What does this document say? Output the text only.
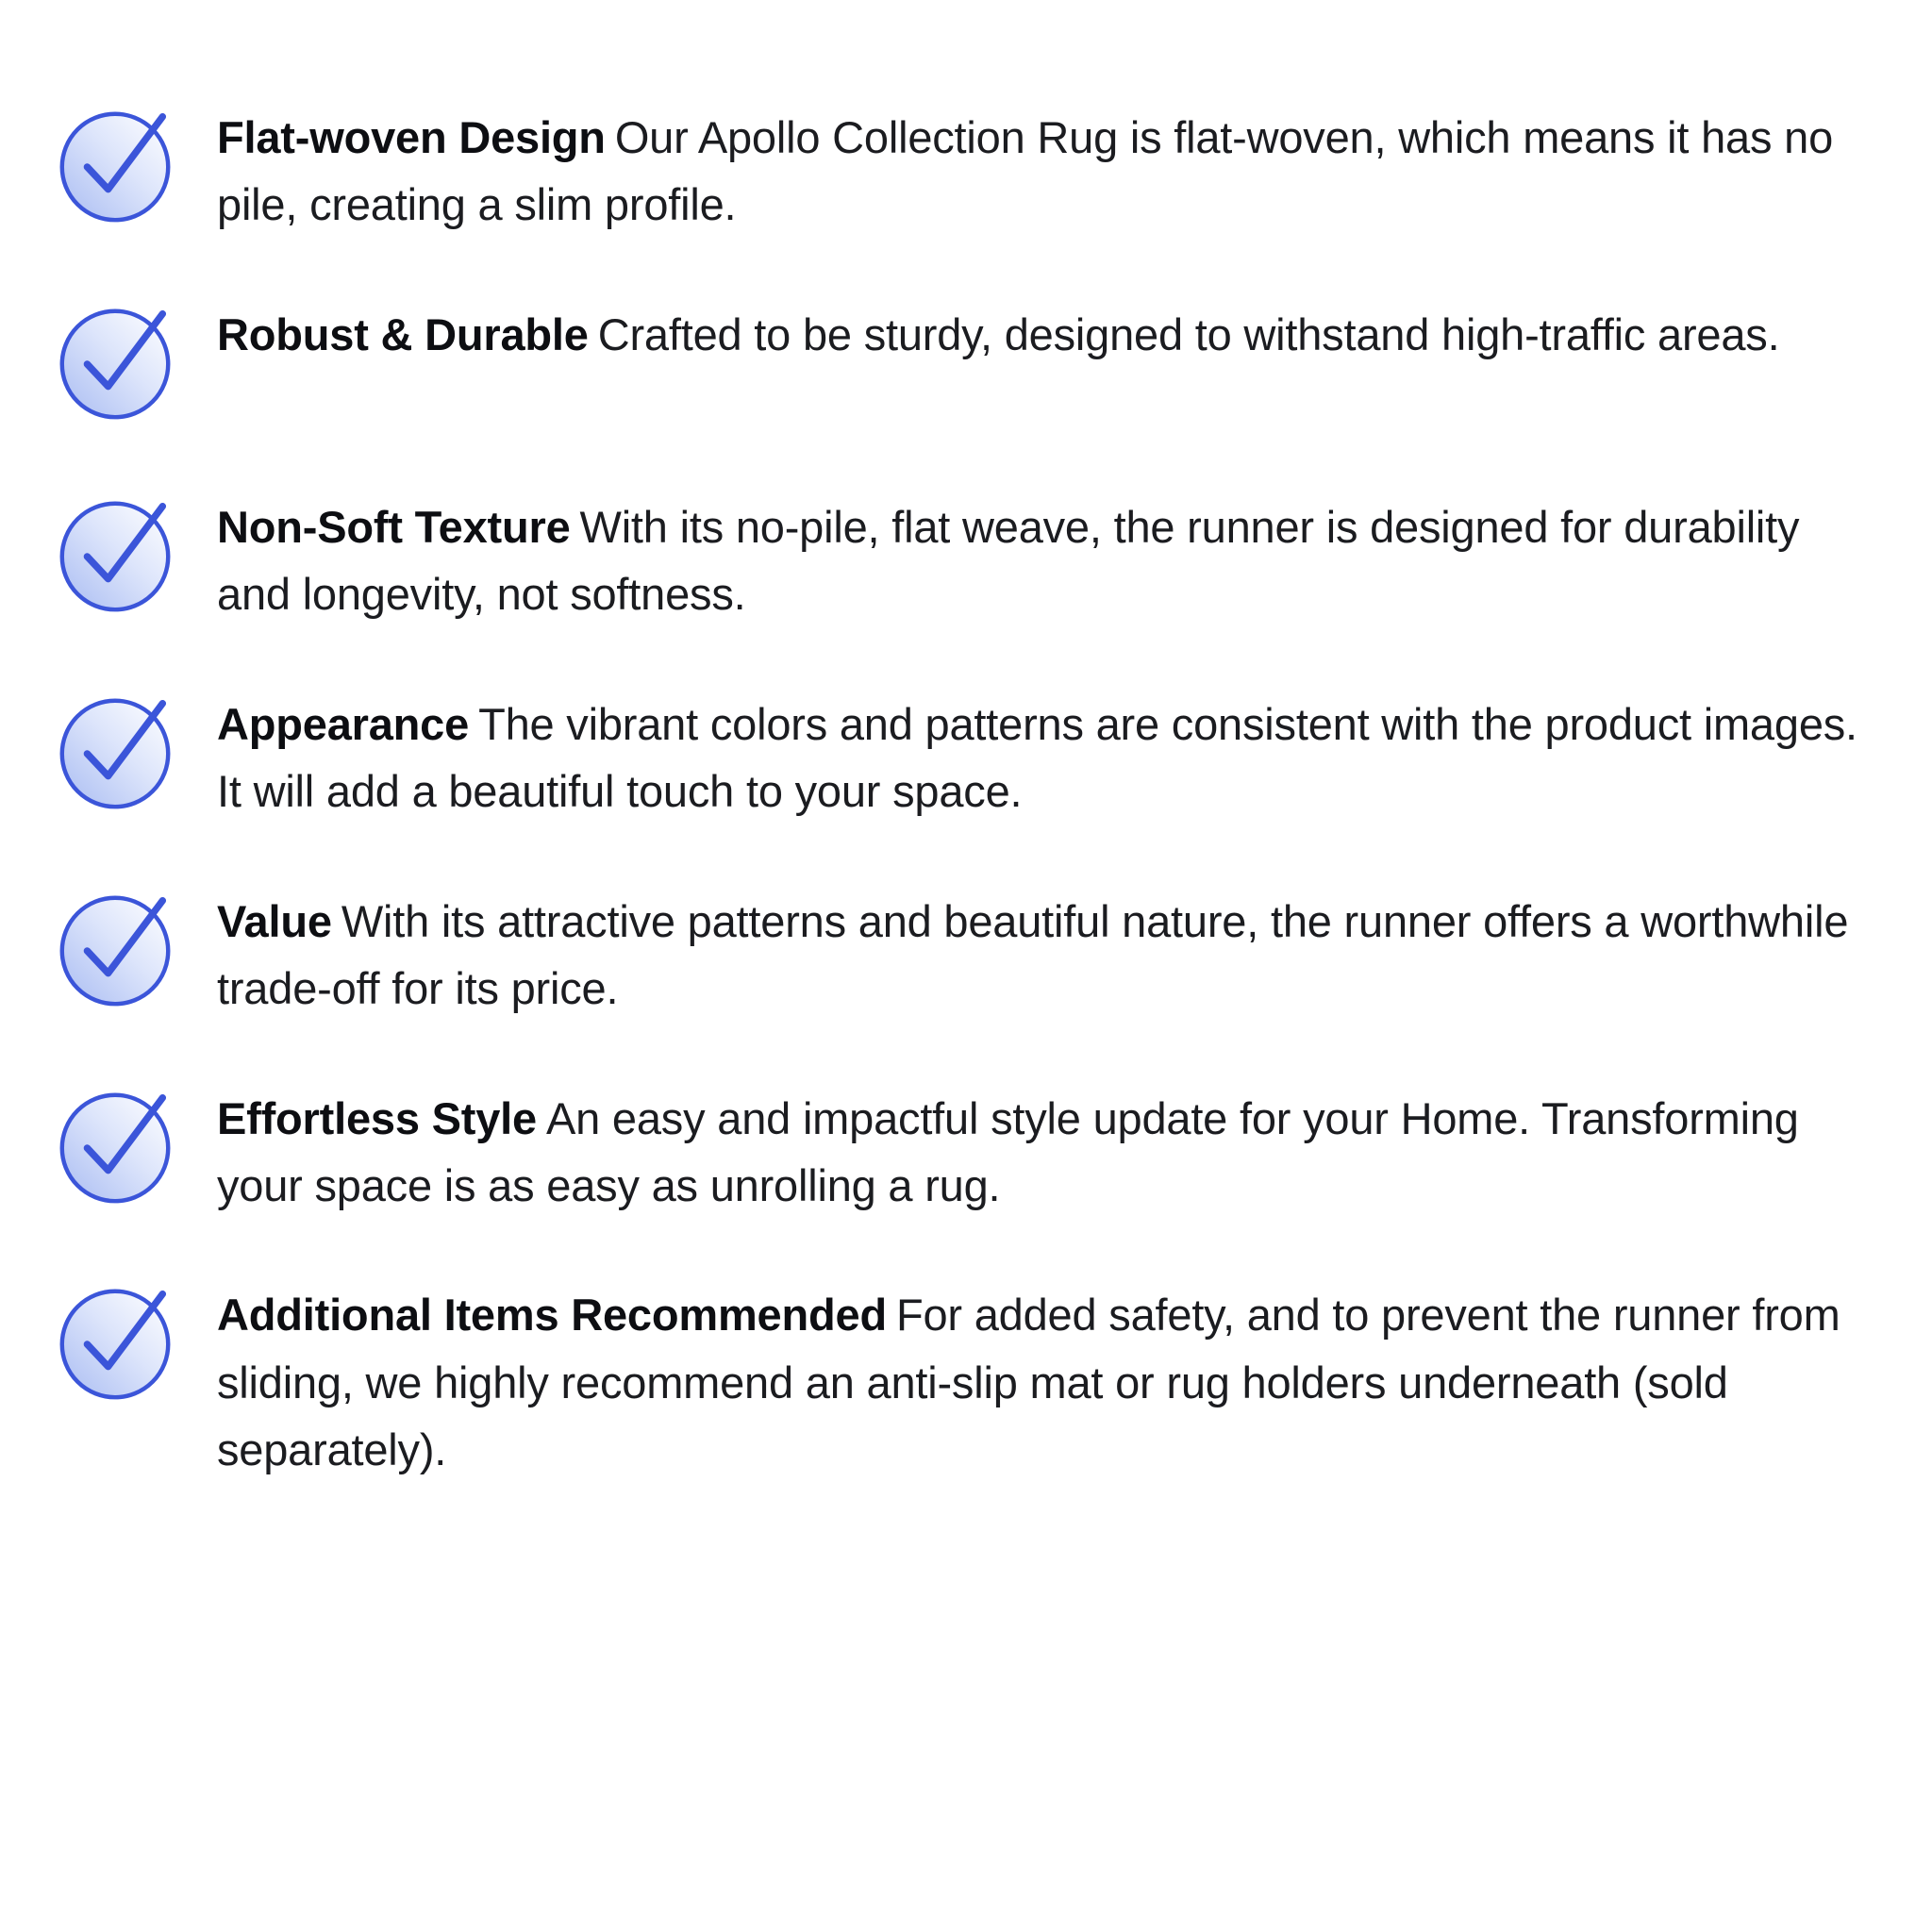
Flat-woven Design Our Apollo Collection Rug is flat-woven, which means it has no pile, creating a slim profile.
Robust & Durable Crafted to be sturdy, designed to withstand high-traffic areas.
Non-Soft Texture With its no-pile, flat weave, the runner is designed for durability and longevity, not softness.
Appearance The vibrant colors and patterns are consistent with the product images. It will add a beautiful touch to your space.
Value With its attractive patterns and beautiful nature, the runner offers a worthwhile trade-off for its price.
Effortless Style An easy and impactful style update for your Home. Transforming your space is as easy as unrolling a rug.
Additional Items Recommended For added safety, and to prevent the runner from sliding, we highly recommend an anti-slip mat or rug holders underneath (sold separately).
